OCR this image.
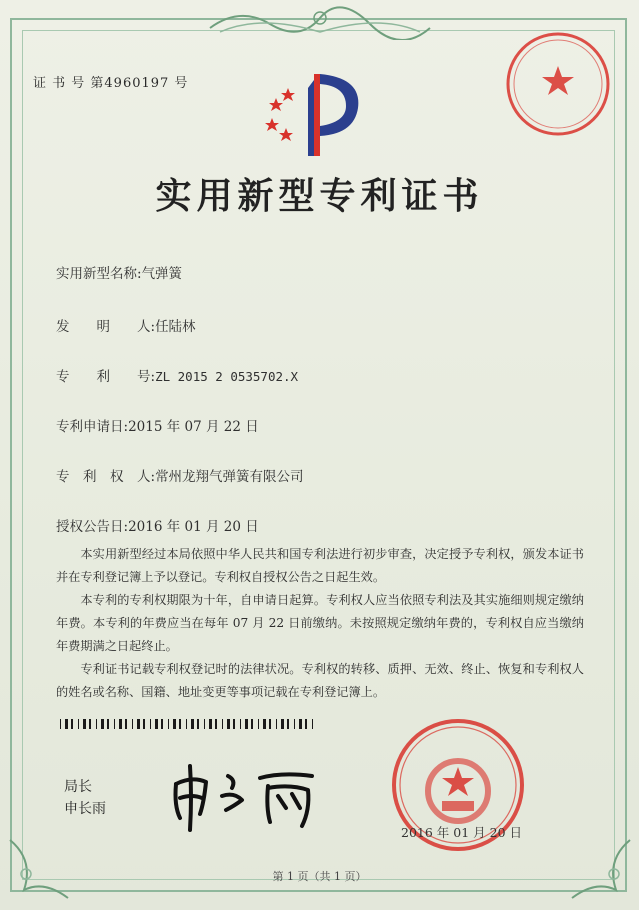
证 书 号 第4960197 号
实用新型专利证书
实用新型名称:气弹簧
发　　明　　人:任陆林
专　　利　　号:ZL 2015 2 0535702.X
专利申请日:2015 年 07 月 22 日
专　利　权　人:常州龙翔气弹簧有限公司
授权公告日:2016 年 01 月 20 日

本实用新型经过本局依照中华人民共和国专利法进行初步审查，决定授予专利权，颁发本证书并在专利登记簿上予以登记。专利权自授权公告之日起生效。

本专利的专利权期限为十年，自申请日起算。专利权人应当依照专利法及其实施细则规定缴纳年费。本专利的年费应当在每年 07 月 22 日前缴纳。未按照规定缴纳年费的，专利权自应当缴纳年费期满之日起终止。

专利证书记载专利权登记时的法律状况。专利权的转移、质押、无效、终止、恢复和专利权人的姓名或名称、国籍、地址变更等事项记载在专利登记簿上。

局长
申长雨
2016 年 01 月 20 日
第 1 页（共 1 页）
